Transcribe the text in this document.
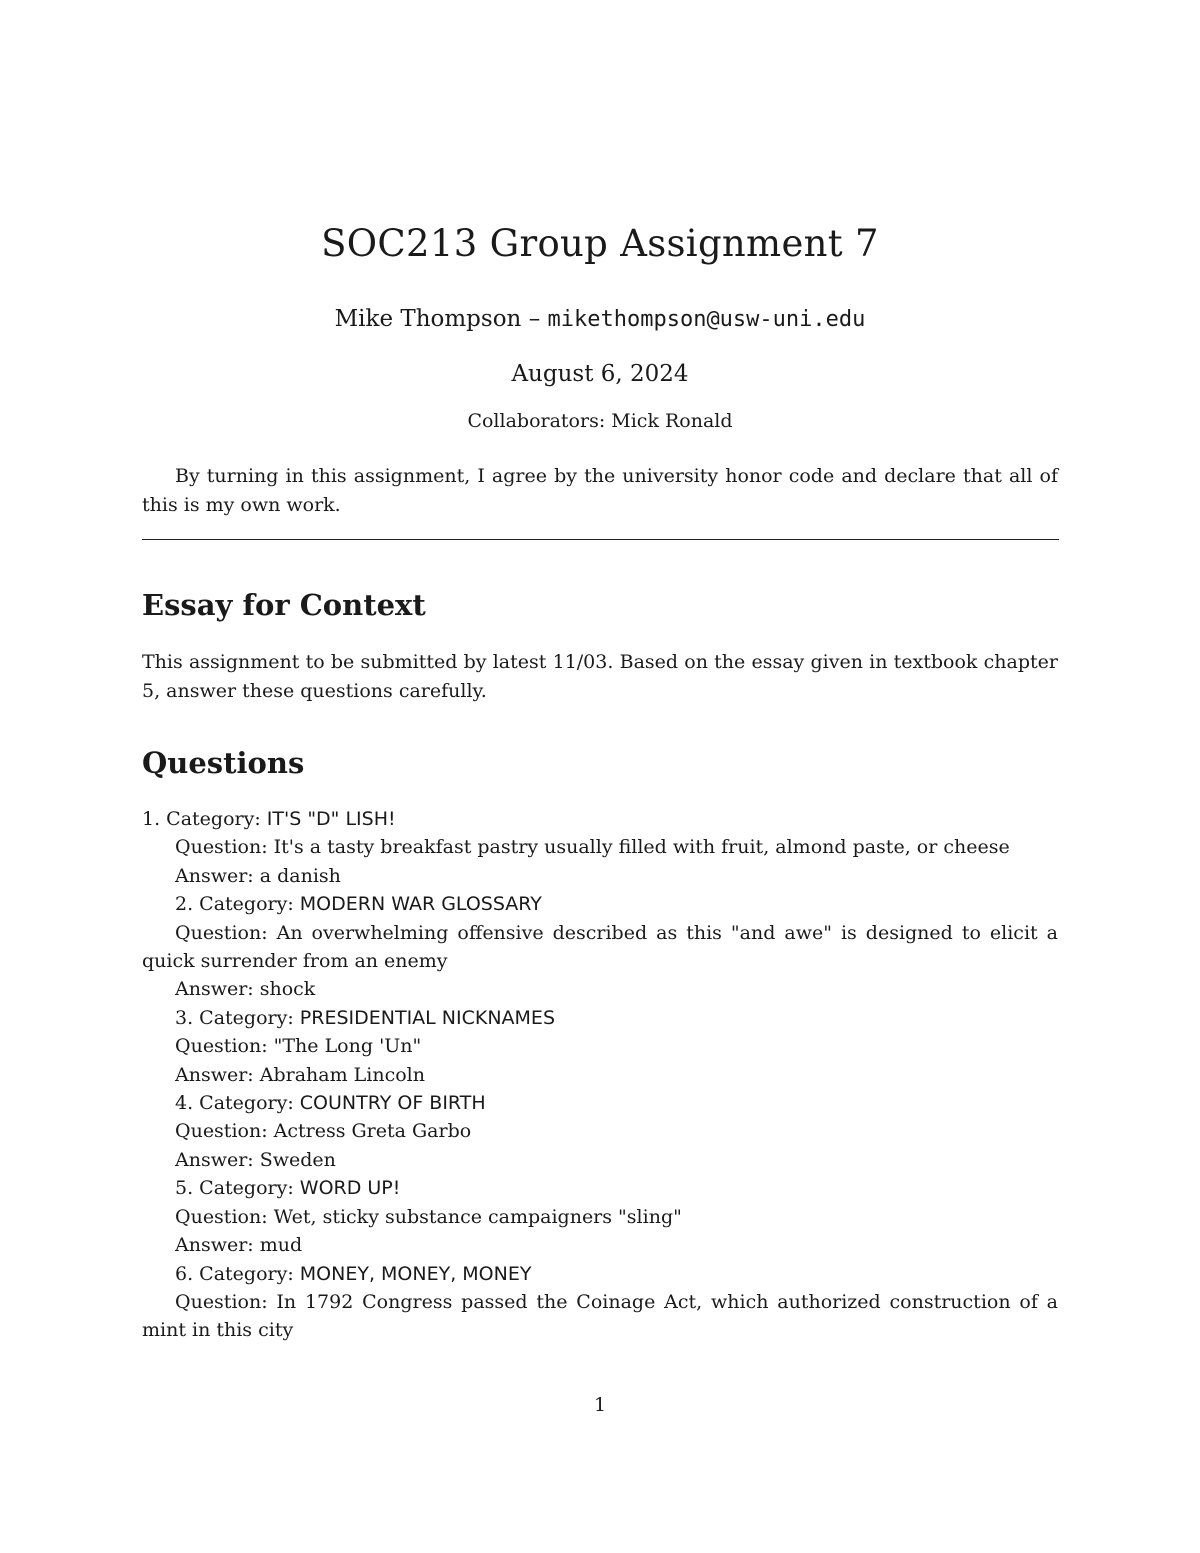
SOC213 Group Assignment 7
Mike Thompson – mikethompson@usw-uni.edu
August 6, 2024
Collaborators: Mick Ronald
By turning in this assignment, I agree by the university honor code and declare that all of this is my own work.
Essay for Context
This assignment to be submitted by latest 11/03. Based on the essay given in textbook chapter 5, answer these questions carefully.
Questions
1. Category: IT'S "D" LISH!
Question: It's a tasty breakfast pastry usually filled with fruit, almond paste, or cheese
Answer: a danish
2. Category: MODERN WAR GLOSSARY
Question: An overwhelming offensive described as this "and awe" is designed to elicit a quick surrender from an enemy
Answer: shock
3. Category: PRESIDENTIAL NICKNAMES
Question: "The Long 'Un"
Answer: Abraham Lincoln
4. Category: COUNTRY OF BIRTH
Question: Actress Greta Garbo
Answer: Sweden
5. Category: WORD UP!
Question: Wet, sticky substance campaigners "sling"
Answer: mud
6. Category: MONEY, MONEY, MONEY
Question: In 1792 Congress passed the Coinage Act, which authorized construction of a mint in this city
1
